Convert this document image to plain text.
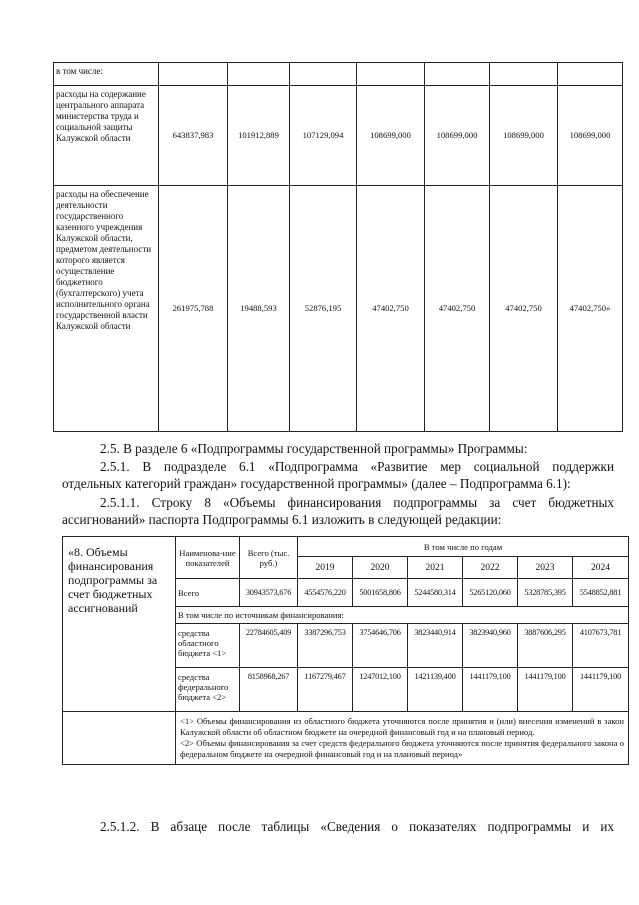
в том числе:							
расходы на содержание центрального аппарата министерства труда и социальной защиты Калужской области	643837,983	101912,889	107129,094	108699,000	108699,000	108699,000	108699,000
расходы на обеспечение деятельности государственного казенного учреждения Калужской области, предметом деятельности которого является осуществление бюджетного (бухгалтерского) учета исполнительного органа государственной власти Калужской области	261975,788	19488,593	52876,195	47402,750	47402,750	47402,750	47402,750»
2.5. В разделе 6 «Подпрограммы государственной программы» Программы:
2.5.1. В подразделе 6.1 «Подпрограмма «Развитие мер социальной поддержки
отдельных категорий граждан» государственной программы» (далее – Подпрограмма 6.1):
2.5.1.1. Строку 8 «Объемы финансирования подпрограммы за счет бюджетных
ассигнований» паспорта Подпрограммы 6.1 изложить в следующей редакции:
«8. Объемы финансирования подпрограммы за счет бюджетных ассигнований	Наименова-ние показателей	Всего (тыс. руб.)	В том числе по годам					
			2019	2020	2021	2022	2023	2024
	Всего	30943573,676	4554576,220	5001658,806	5244580,314	5265120,060	5328785,395	5548852,881
	В том числе по источникам финансирования:							
	средства областного бюджета <1>	22784605,409	3387296,753	3754646,706	3823440,914	3823940,960	3887606,295	4107673,781
	средства федерального бюджета <2>	8158968,267	1167279,467	1247012,100	1421139,400	1441179,100	1441179,100	1441179,100

	<1> Объемы финансирования из областного бюджета уточняются после принятия и (или) внесения изменений в закон Калужской области об областном бюджете на очередной финансовый год и на плановый период.
<2> Объемы финансирования за счет средств федерального бюджета уточняются после принятия федерального закона о федеральном бюджете на очередной финансовый год и на плановый период»							
2.5.1.2. В абзаце после таблицы «Сведения о показателях подпрограммы и их
